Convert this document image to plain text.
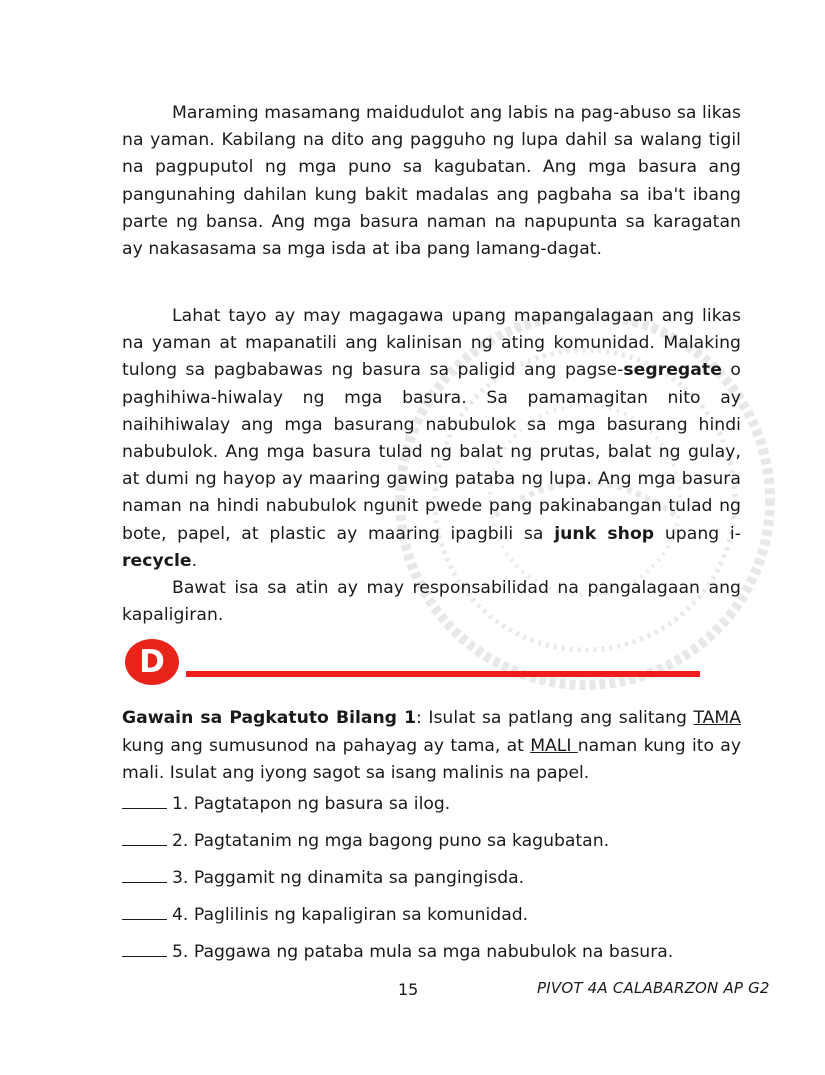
Maraming masamang maidudulot ang labis na pag-abuso sa likas na yaman. Kabilang na dito ang pagguho ng lupa dahil sa walang tigil na pagpuputol ng mga puno sa kagubatan. Ang mga basura ang pangunahing dahilan kung bakit madalas ang pagbaha sa iba't ibang parte ng bansa. Ang mga basura naman na napupunta sa karagatan ay nakasasama sa mga isda at iba pang lamang-dagat.

Lahat tayo ay may magagawa upang mapangalagaan ang likas na yaman at mapanatili ang kalinisan ng ating komunidad. Malaking tulong sa pagbabawas ng basura sa paligid ang pagse-segregate o paghihiwa-hiwalay ng mga basura. Sa pamamagitan nito ay naihihiwalay ang mga basurang nabubulok sa mga basurang hindi nabubulok. Ang mga basura tulad ng balat ng prutas, balat ng gulay, at dumi ng hayop ay maaring gawing pataba ng lupa. Ang mga basura naman na hindi nabubulok ngunit pwede pang pakinabangan tulad ng bote, papel, at plastic ay maaring ipagbili sa junk shop upang i-recycle.

Bawat isa sa atin ay may responsabilidad na pangalagaan ang kapaligiran.

D
Gawain sa Pagkatuto Bilang 1: Isulat sa patlang ang salitang TAMA kung ang sumusunod na pahayag ay tama, at MALI naman kung ito ay mali. Isulat ang iyong sagot sa isang malinis na papel.
1. Pagtatapon ng basura sa ilog.
2. Pagtatanim ng mga bagong puno sa kagubatan.
3. Paggamit ng dinamita sa pangingisda.
4. Paglilinis ng kapaligiran sa komunidad.
5. Paggawa ng pataba mula sa mga nabubulok na basura.
15	PIVOT 4A CALABARZON AP G2
